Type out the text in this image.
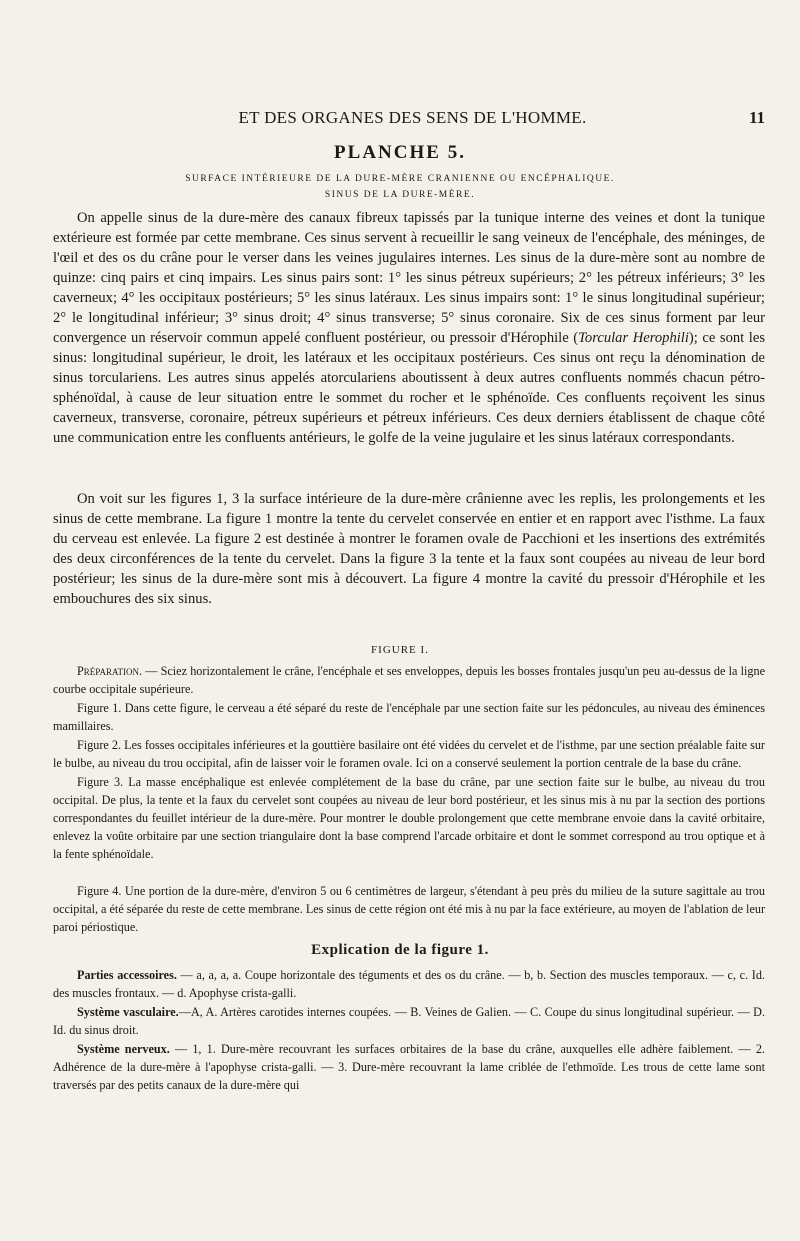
ET DES ORGANES DES SENS DE L'HOMME.	11
PLANCHE 5.
SURFACE INTÉRIEURE DE LA DURE-MÈRE CRANIENNE OU ENCÉPHALIQUE.
SINUS DE LA DURE-MÈRE.

On appelle sinus de la dure-mère des canaux fibreux tapissés par la tunique interne des veines et dont la tunique extérieure est formée par cette membrane. Ces sinus servent à recueillir le sang veineux de l'encéphale, des méninges, de l'œil et des os du crâne pour le verser dans les veines jugulaires internes. Les sinus de la dure-mère sont au nombre de quinze: cinq pairs et cinq impairs. Les sinus pairs sont: 1° les sinus pétreux supérieurs; 2° les pétreux inférieurs; 3° les caverneux; 4° les occipitaux postérieurs; 5° les sinus latéraux. Les sinus impairs sont: 1° le sinus longitudinal supérieur; 2° le longitudinal inférieur; 3° sinus droit; 4° sinus transverse; 5° sinus coronaire. Six de ces sinus forment par leur convergence un réservoir commun appelé confluent postérieur, ou pressoir d'Hérophile (Torcular Herophili); ce sont les sinus: longitudinal supérieur, le droit, les latéraux et les occipitaux postérieurs. Ces sinus ont reçu la dénomination de sinus torculariens. Les autres sinus appelés atorculariens aboutissent à deux autres confluents nommés chacun pétro-sphénoïdal, à cause de leur situation entre le sommet du rocher et le sphénoïde. Ces confluents reçoivent les sinus caverneux, transverse, coronaire, pétreux supérieurs et pétreux inférieurs. Ces deux derniers établissent de chaque côté une communication entre les confluents antérieurs, le golfe de la veine jugulaire et les sinus latéraux correspondants.

On voit sur les figures 1, 3 la surface intérieure de la dure-mère crânienne avec les replis, les prolongements et les sinus de cette membrane. La figure 1 montre la tente du cervelet conservée en entier et en rapport avec l'isthme. La faux du cerveau est enlevée. La figure 2 est destinée à montrer le foramen ovale de Pacchioni et les insertions des extrémités des deux circonférences de la tente du cervelet. Dans la figure 3 la tente et la faux sont coupées au niveau de leur bord postérieur; les sinus de la dure-mère sont mis à découvert. La figure 4 montre la cavité du pressoir d'Hérophile et les embouchures des six sinus.

FIGURE I.

Préparation. — Sciez horizontalement le crâne, l'encéphale et ses enveloppes, depuis les bosses frontales jusqu'un peu au-dessus de la ligne courbe occipitale supérieure.

Figure 1. Dans cette figure, le cerveau a été séparé du reste de l'encéphale par une section faite sur les pédoncules, au niveau des éminences mamillaires.

Figure 2. Les fosses occipitales inférieures et la gouttière basilaire ont été vidées du cervelet et de l'isthme, par une section préalable faite sur le bulbe, au niveau du trou occipital, afin de laisser voir le foramen ovale. Ici on a conservé seulement la portion centrale de la base du crâne.

Figure 3. La masse encéphalique est enlevée complétement de la base du crâne, par une section faite sur le bulbe, au niveau du trou occipital. De plus, la tente et la faux du cervelet sont coupées au niveau de leur bord postérieur, et les sinus mis à nu par la section des portions correspondantes du feuillet intérieur de la dure-mère. Pour montrer le double prolongement que cette membrane envoie dans la cavité orbitaire, enlevez la voûte orbitaire par une section triangulaire dont la base comprend l'arcade orbitaire et dont le sommet correspond au trou optique et à la fente sphénoïdale.

Figure 4. Une portion de la dure-mère, d'environ 5 ou 6 centimètres de largeur, s'étendant à peu près du milieu de la suture sagittale au trou occipital, a été séparée du reste de cette membrane. Les sinus de cette région ont été mis à nu par la face extérieure, au moyen de l'ablation de leur paroi périostique.

Explication de la figure 1.

Parties accessoires. — a, a, a, a. Coupe horizontale des téguments et des os du crâne. — b, b. Section des muscles temporaux. — c, c. Id. des muscles frontaux. — d. Apophyse crista-galli.

Système vasculaire.—A, A. Artères carotides internes coupées. — B. Veines de Galien. — C. Coupe du sinus longitudinal supérieur. — D. Id. du sinus droit.

Système nerveux. — 1, 1. Dure-mère recouvrant les surfaces orbitaires de la base du crâne, auxquelles elle adhère faiblement. — 2. Adhérence de la dure-mère à l'apophyse crista-galli. — 3. Dure-mère recouvrant la lame criblée de l'ethmoïde. Les trous de cette lame sont traversés par des petits canaux de la dure-mère qui
